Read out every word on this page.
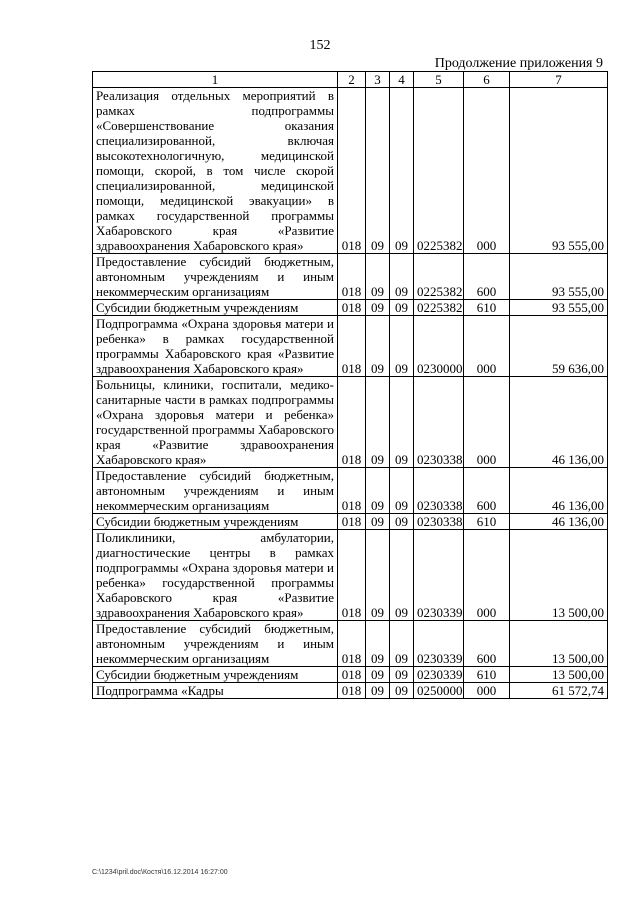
152
Продолжение приложения 9
1	2	3	4	5	6	7

Реализация отдельных мероприятий в рамках подпрограммы «Совершенствование оказания специализированной, включая высокотехнологичную, медицинской помощи, скорой, в том числе скорой специализированной, медицинской помощи, медицинской эвакуации» в рамках государственной программы Хабаровского края «Развитие здравоохранения Хабаровского края»	018	09	09	0225382	000	93 555,00

Предоставление субсидий бюджетным, автономным учреждениям и иным некоммерческим организациям	018	09	09	0225382	600	93 555,00

Субсидии бюджетным учреждениям	018	09	09	0225382	610	93 555,00

Подпрограмма «Охрана здоровья матери и ребенка» в рамках государственной программы Хабаровского края «Развитие здравоохранения Хабаровского края»	018	09	09	0230000	000	59 636,00

Больницы, клиники, госпитали, медико-санитарные части в рамках подпрограммы «Охрана здоровья матери и ребенка» государственной программы Хабаровского края «Развитие здравоохранения Хабаровского края»	018	09	09	0230338	000	46 136,00

Предоставление субсидий бюджетным, автономным учреждениям и иным некоммерческим организациям	018	09	09	0230338	600	46 136,00

Субсидии бюджетным учреждениям	018	09	09	0230338	610	46 136,00

Поликлиники, амбулатории, диагностические центры в рамках подпрограммы «Охрана здоровья матери и ребенка» государственной программы Хабаровского края «Развитие здравоохранения Хабаровского края»	018	09	09	0230339	000	13 500,00

Предоставление субсидий бюджетным, автономным учреждениям и иным некоммерческим организациям	018	09	09	0230339	600	13 500,00

Субсидии бюджетным учреждениям	018	09	09	0230339	610	13 500,00

Подпрограмма «Кадры	018	09	09	0250000	000	61 572,74
C:\1234\pril.doc\Костя\16.12.2014 16:27:00
